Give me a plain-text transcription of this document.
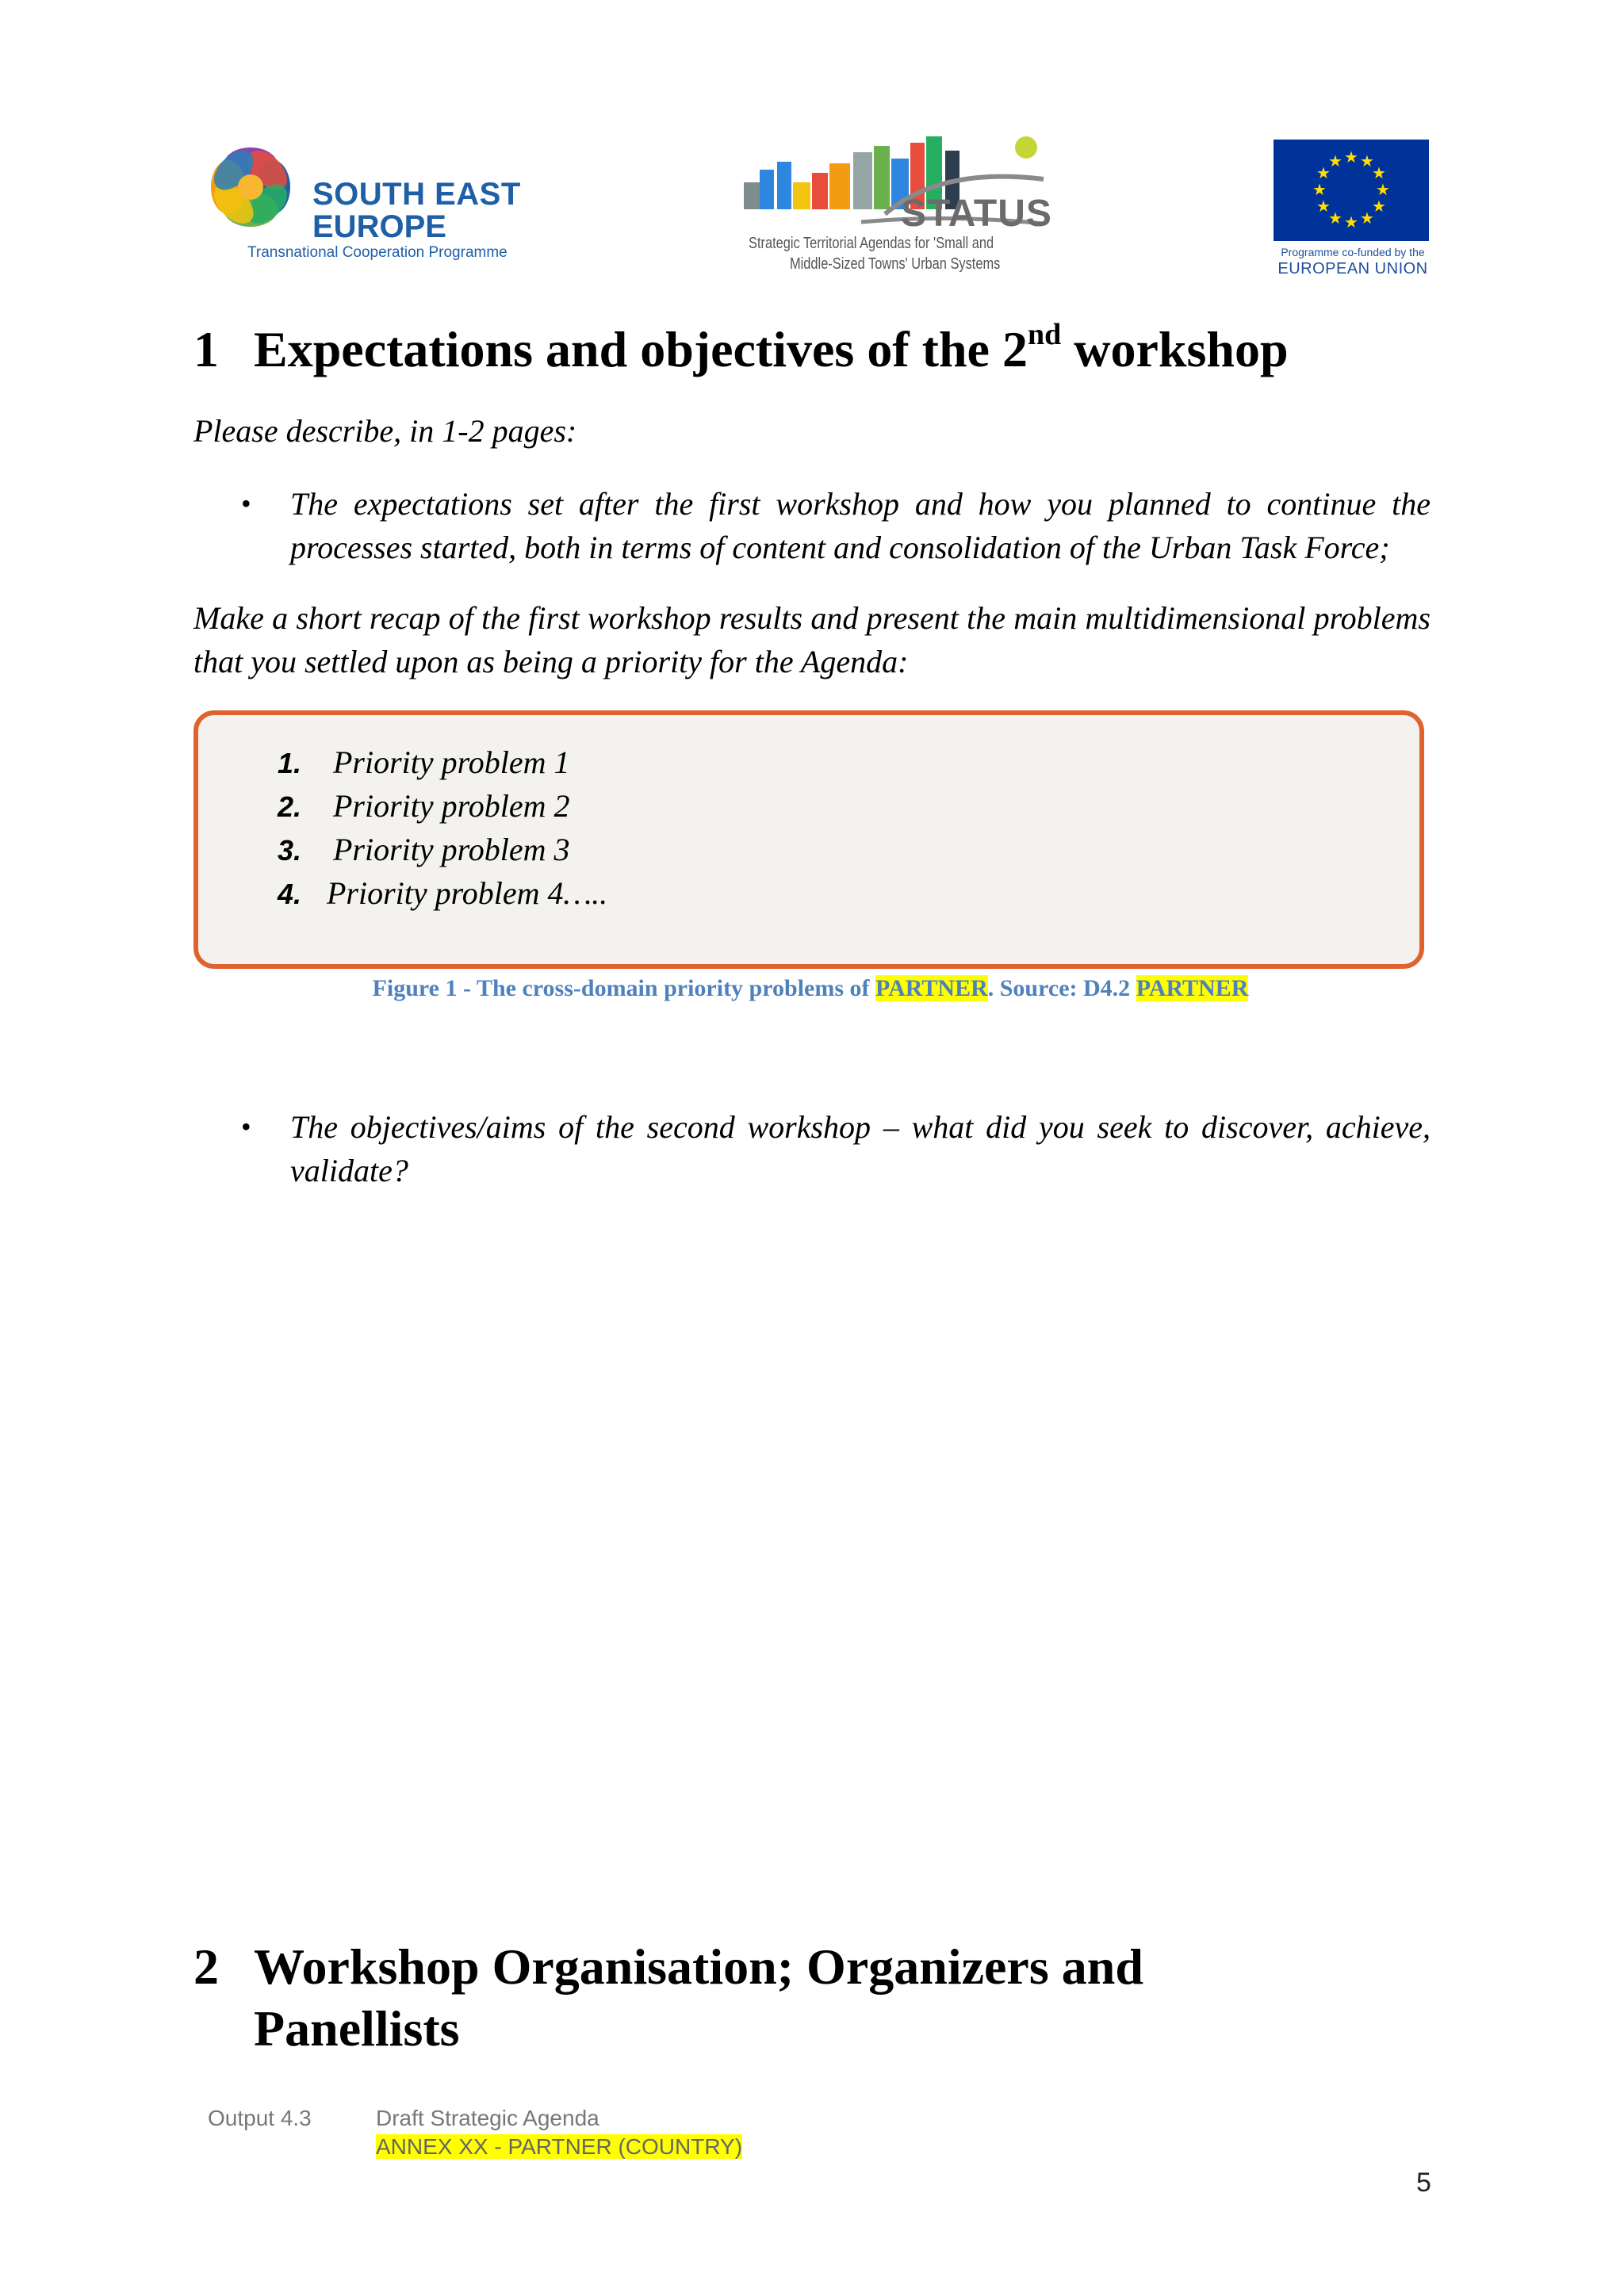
SOUTH EAST
EUROPE
Transnational Cooperation Programme
STATUS
Strategic Territorial Agendas for 'Small and
Middle-Sized Towns' Urban Systems
★ ★
★
★
★
★
★
★
★
★
★
★
Programme co-funded by the
EUROPEAN UNION
1 Expectations and objectives of the 2nd workshop
Please describe, in 1-2 pages:
• The expectations set after the first workshop and how you planned to continue the processes started, both in terms of content and consolidation of the Urban Task Force;
Make a short recap of the first workshop results and present the main multidimensional problems that you settled upon as being a priority for the Agenda:
1. Priority problem 1
2. Priority problem 2
3. Priority problem 3
4. Priority problem 4…..
Figure 1 - The cross-domain priority problems of PARTNER. Source: D4.2 PARTNER
• The objectives/aims of the second workshop – what did you seek to discover, achieve, validate?
2 Workshop Organisation; Organizers and
Panellists
Output 4.3	Draft Strategic Agenda
ANNEX XX - PARTNER (COUNTRY)
5
